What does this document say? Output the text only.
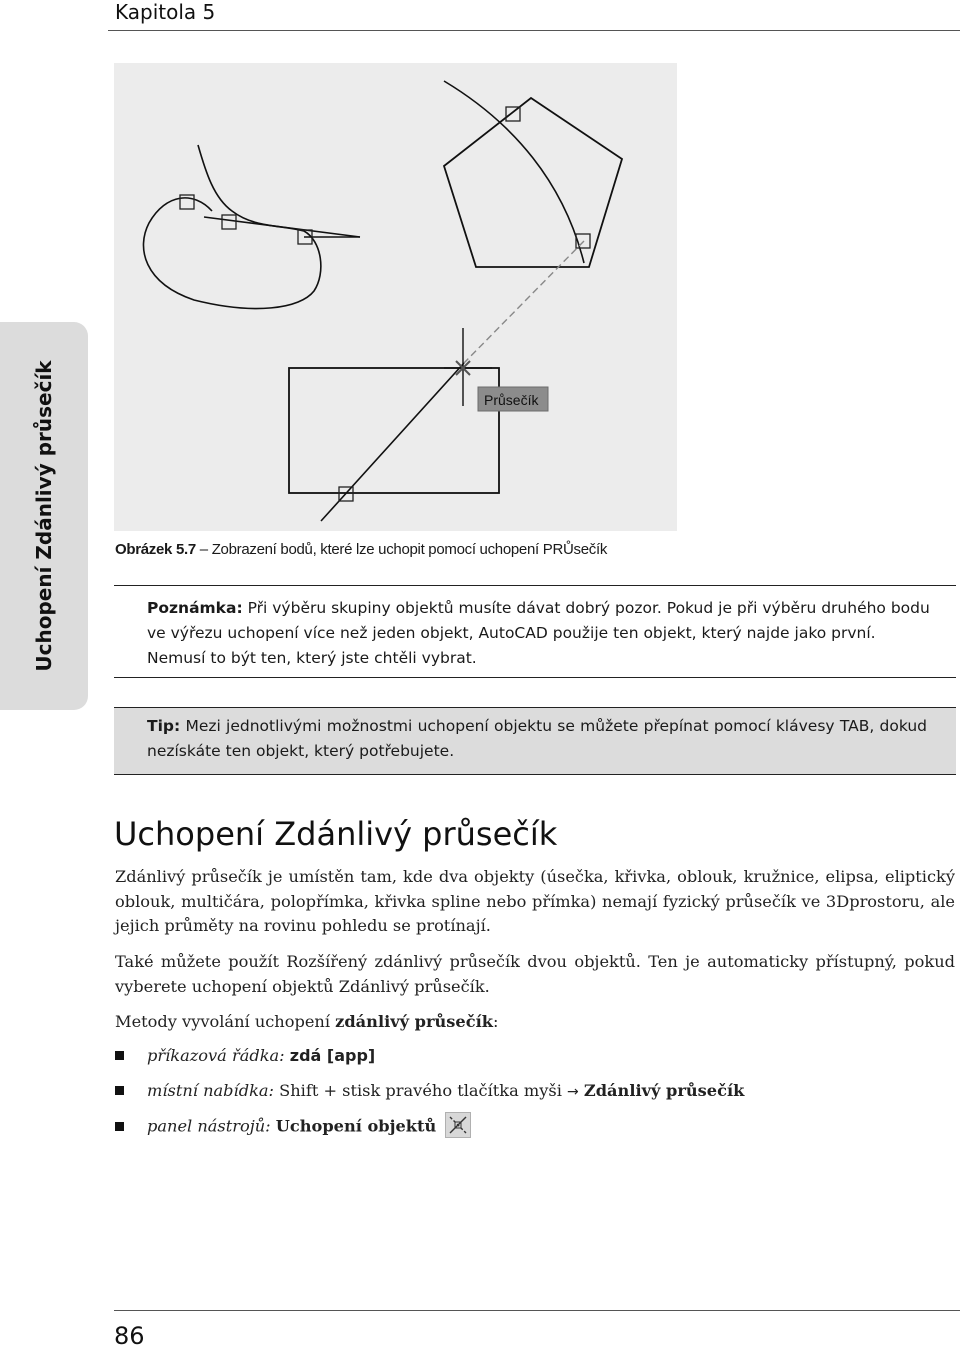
Kapitola 5
Uchopení Zdánlivý průsečík	Průsečík
Obrázek 5.7 – Zobrazení bodů, které lze uchopit pomocí uchopení PRŮsečík
Poznámka: Při výběru skupiny objektů musíte dávat dobrý pozor. Pokud je při výběru druhého bodu ve výřezu uchopení více než jeden objekt, AutoCAD použije ten objekt, který najde jako první. Nemusí to být ten, který jste chtěli vybrat.
Tip: Mezi jednotlivými možnostmi uchopení objektu se můžete přepínat pomocí klávesy TAB, dokud nezískáte ten objekt, který potřebujete.
Uchopení Zdánlivý průsečík

Zdánlivý průsečík je umístěn tam, kde dva objekty (úsečka, křivka, oblouk, kružnice, elipsa, eliptický oblouk, multičára, polopřímka, křivka spline nebo přímka) nemají fyzický průsečík ve 3Dprostoru, ale jejich průměty na rovinu pohledu se protínají.

Také můžete použít Rozšířený zdánlivý průsečík dvou objektů. Ten je automaticky přístupný, pokud vyberete uchopení objektů Zdánlivý průsečík.

Metody vyvolání uchopení zdánlivý průsečík:

příkazová řádka: zdá [app]
místní nabídka: Shift + stisk pravého tlačítka myši → Zdánlivý průsečík
panel nástrojů: Uchopení objektů
86
